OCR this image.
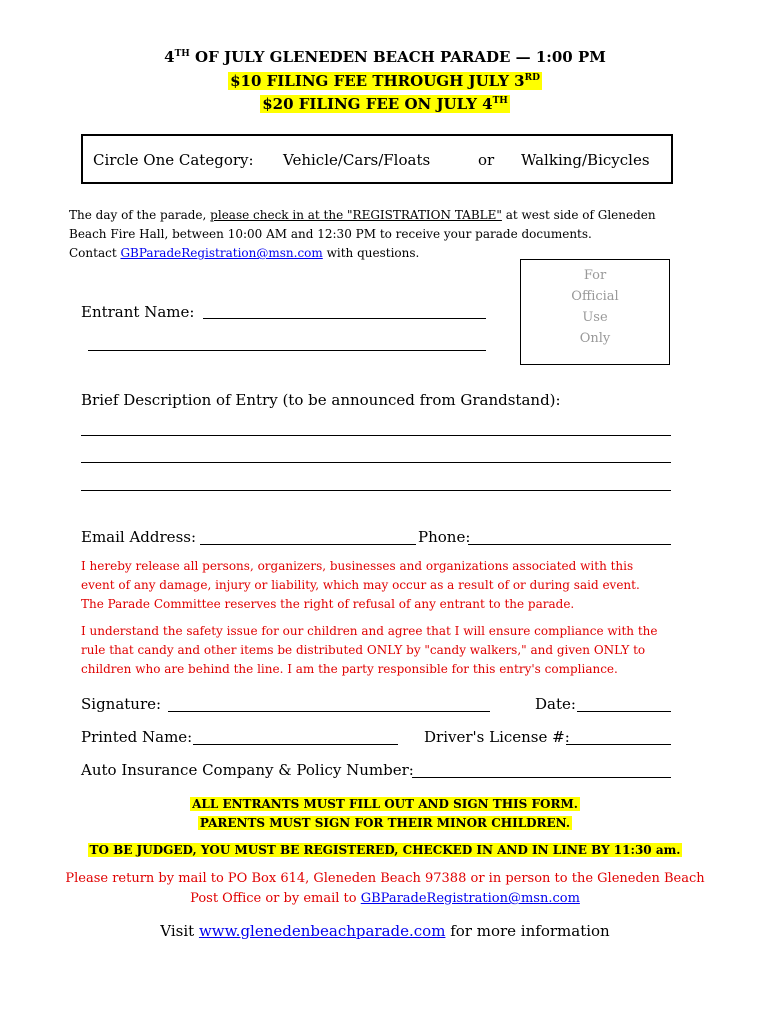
4TH OF JULY GLENEDEN BEACH PARADE — 1:00 PM
$10 FILING FEE THROUGH JULY 3RD
$20 FILING FEE ON JULY 4TH
Circle One Category: Vehicle/Cars/Floats	or Walking/Bicycles
The day of the parade, please check in at the "REGISTRATION TABLE" at west side of Gleneden
Beach Fire Hall, between 10:00 AM and 12:30 PM to receive your parade documents.
Contact GBParadeRegistration@msn.com with questions.
For
Official
Use
Only
Entrant Name:
Brief Description of Entry (to be announced from Grandstand):
Email Address:	Phone:
I hereby release all persons, organizers, businesses and organizations associated with this
event of any damage, injury or liability, which may occur as a result of or during said event.
The Parade Committee reserves the right of refusal of any entrant to the parade.
I understand the safety issue for our children and agree that I will ensure compliance with the
rule that candy and other items be distributed ONLY by "candy walkers," and given ONLY to
children who are behind the line. I am the party responsible for this entry's compliance.
Signature:	Date:
Printed Name:	Driver's License #:
Auto Insurance Company & Policy Number:
ALL ENTRANTS MUST FILL OUT AND SIGN THIS FORM.
PARENTS MUST SIGN FOR THEIR MINOR CHILDREN.
TO BE JUDGED, YOU MUST BE REGISTERED, CHECKED IN AND IN LINE BY 11:30 am.
Please return by mail to PO Box 614, Gleneden Beach 97388 or in person to the Gleneden Beach
Post Office or by email to GBParadeRegistration@msn.com
Visit www.glenedenbeachparade.com for more information
